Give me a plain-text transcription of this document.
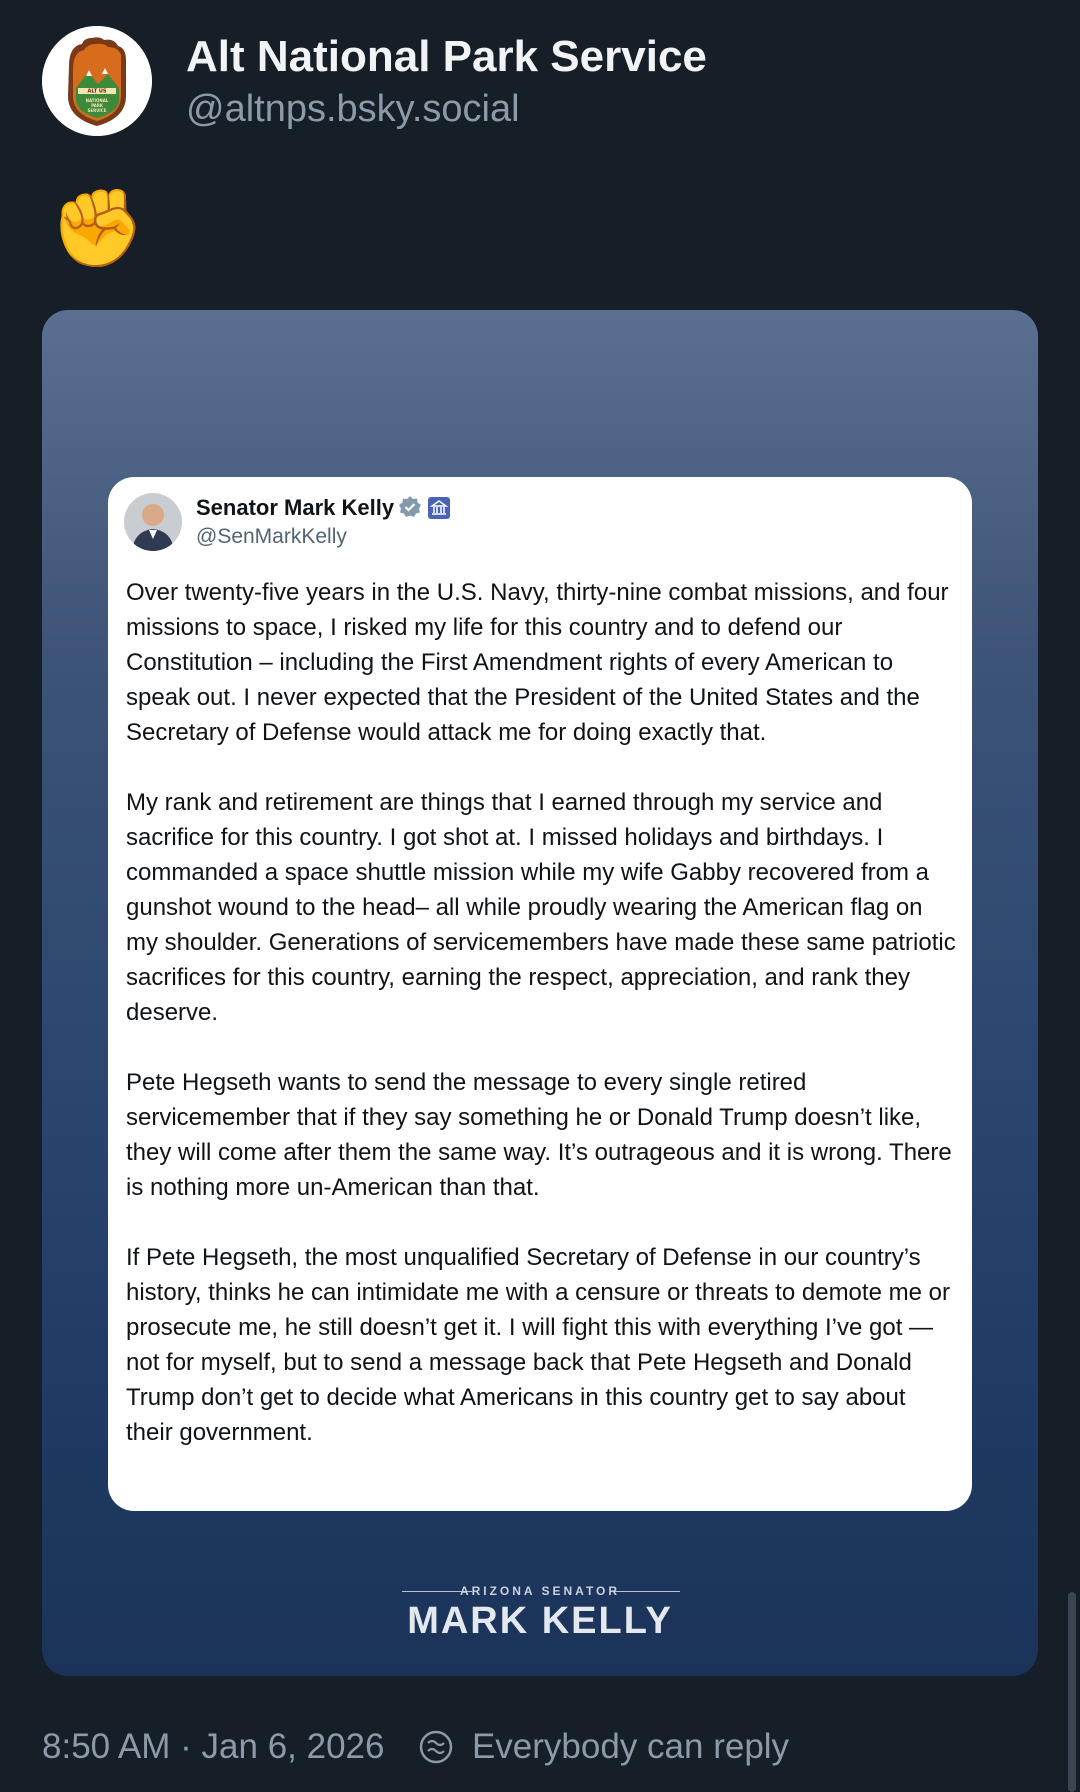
ALT US
NATIONAL
PARK
SERVICE
Alt National Park Service
@altnps.bsky.social
✊
Senator Mark Kelly
@SenMarkKelly

Over twenty-five years in the U.S. Navy, thirty-nine combat missions, and four missions to space, I risked my life for this country and to defend our Constitution – including the First Amendment rights of every American to speak out. I never expected that the President of the United States and the Secretary of Defense would attack me for doing exactly that.

My rank and retirement are things that I earned through my service and sacrifice for this country. I got shot at. I missed holidays and birthdays. I commanded a space shuttle mission while my wife Gabby recovered from a gunshot wound to the head– all while proudly wearing the American flag on my shoulder. Generations of servicemembers have made these same patriotic sacrifices for this country, earning the respect, appreciation, and rank they deserve.

Pete Hegseth wants to send the message to every single retired servicemember that if they say something he or Donald Trump doesn’t like, they will come after them the same way. It’s outrageous and it is wrong. There is nothing more un-American than that.

If Pete Hegseth, the most unqualified Secretary of Defense in our country’s history, thinks he can intimidate me with a censure or threats to demote me or prosecute me, he still doesn’t get it. I will fight this with everything I’ve got — not for myself, but to send a message back that Pete Hegseth and Donald Trump don’t get to decide what Americans in this country get to say about their government.

ARIZONA SENATOR
MARK KELLY
8:50 AM · Jan 6, 2026 Everybody can reply
